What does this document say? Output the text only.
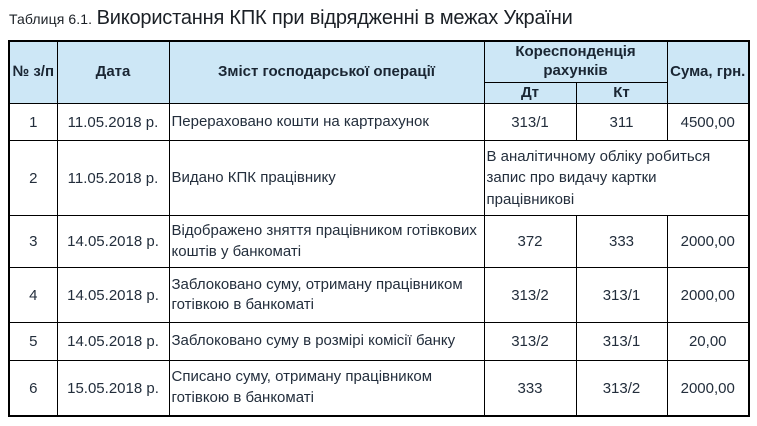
Таблиця 6.1. Використання КПК при відрядженні в межах України
№ з/п	Дата	Зміст господарської операції	Кореспонденція рахунків		Сума, грн.
			Дт	Кт	
1	11.05.2018 р.	Перераховано кошти на картрахунок	313/1	311	4500,00
2	11.05.2018 р.	Видано КПК працівнику	В аналітичному обліку робиться запис про видачу картки працівникові		
3	14.05.2018 р.	Відображено зняття працівником готівкових коштів у банкоматі	372	333	2000,00
4	14.05.2018 р.	Заблоковано суму, отриману працівником готівкою в банкоматі	313/2	313/1	2000,00
5	14.05.2018 р.	Заблоковано суму в розмірі комісії банку	313/2	313/1	20,00
6	15.05.2018 р.	Списано суму, отриману працівником готівкою в банкоматі	333	313/2	2000,00
